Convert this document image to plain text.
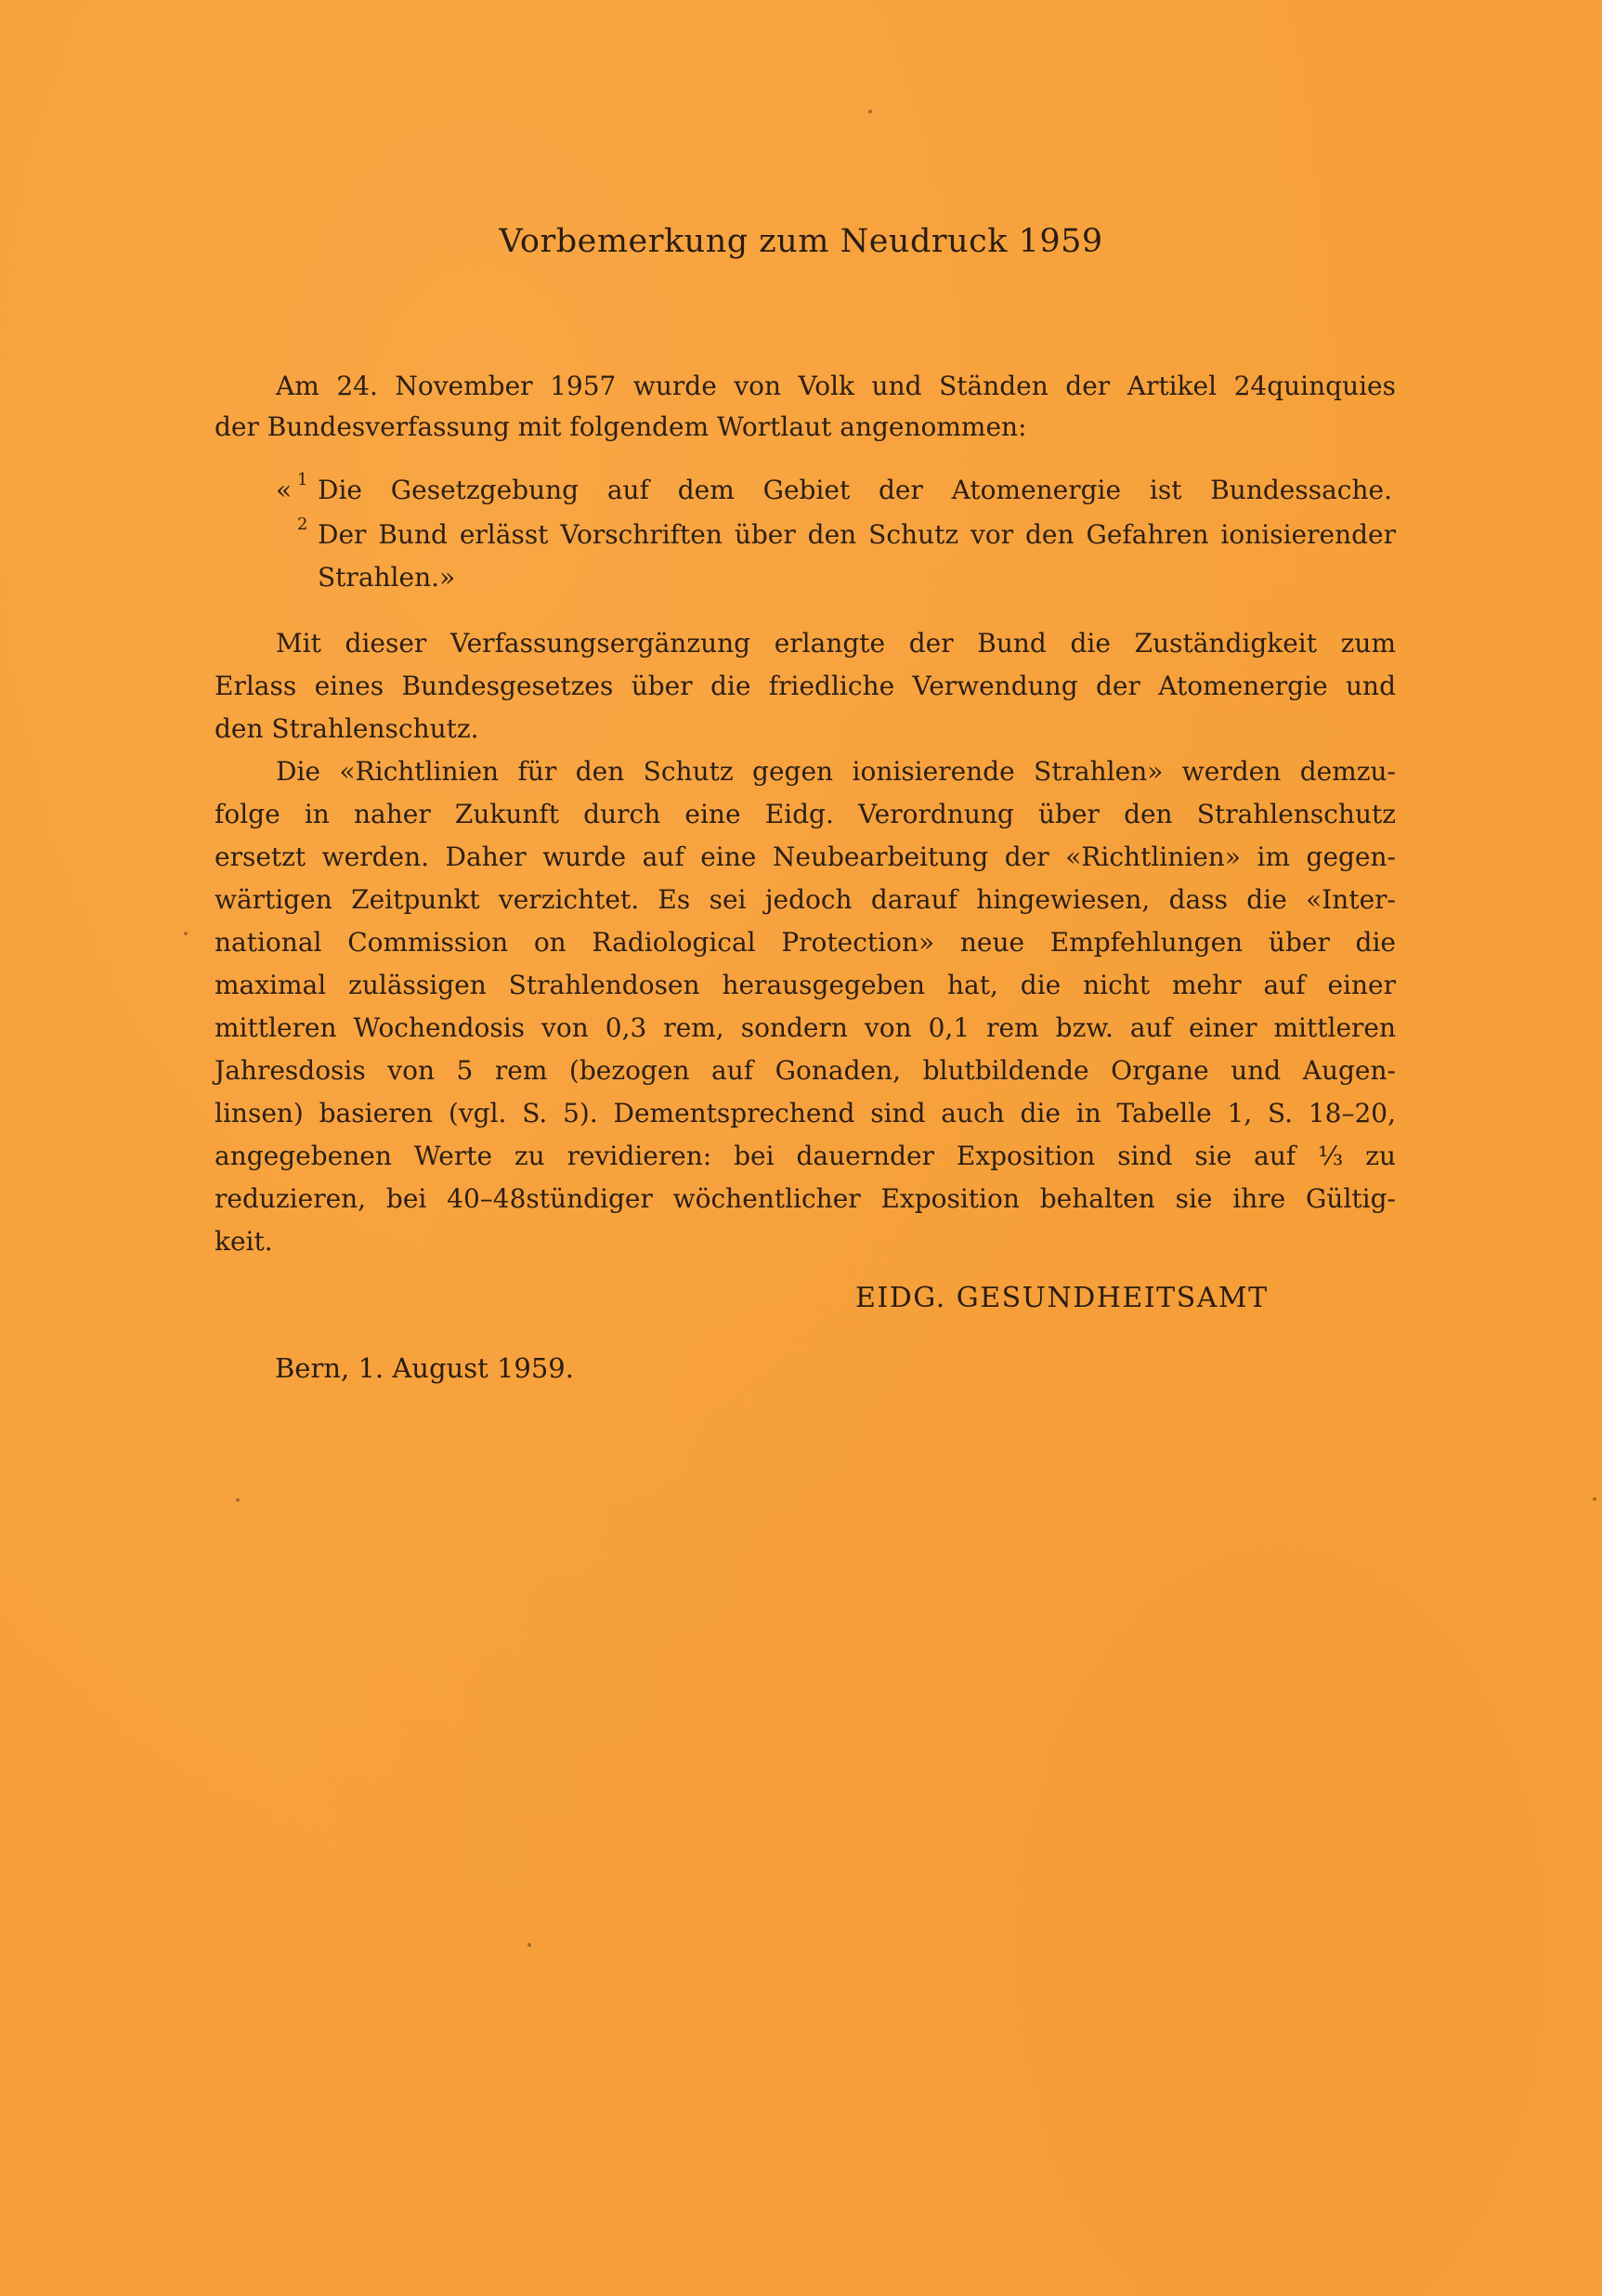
Vorbemerkung zum Neudruck 1959
Am 24. November 1957 wurde von Volk und Ständen der Artikel 24quinquies
der Bundesverfassung mit folgendem Wortlaut angenommen:
« 1 Die Gesetzgebung auf dem Gebiet der Atomenergie ist Bundessache.
2 Der Bund erlässt Vorschriften über den Schutz vor den Gefahren ionisierender
Strahlen.»
Mit dieser Verfassungsergänzung erlangte der Bund die Zuständigkeit zum
Erlass eines Bundesgesetzes über die friedliche Verwendung der Atomenergie und
den Strahlenschutz.
Die «Richtlinien für den Schutz gegen ionisierende Strahlen» werden demzu-
folge in naher Zukunft durch eine Eidg. Verordnung über den Strahlenschutz
ersetzt werden. Daher wurde auf eine Neubearbeitung der «Richtlinien» im gegen-
wärtigen Zeitpunkt verzichtet. Es sei jedoch darauf hingewiesen, dass die «Inter-
national Commission on Radiological Protection» neue Empfehlungen über die
maximal zulässigen Strahlendosen herausgegeben hat, die nicht mehr auf einer
mittleren Wochendosis von 0,3 rem, sondern von 0,1 rem bzw. auf einer mittleren
Jahresdosis von 5 rem (bezogen auf Gonaden, blutbildende Organe und Augen-
linsen) basieren (vgl. S. 5). Dementsprechend sind auch die in Tabelle 1, S. 18–20,
angegebenen Werte zu revidieren: bei dauernder Exposition sind sie auf ⅓ zu
reduzieren, bei 40–48stündiger wöchentlicher Exposition behalten sie ihre Gültig-
keit.
EIDG. GESUNDHEITSAMT
Bern, 1. August 1959.
